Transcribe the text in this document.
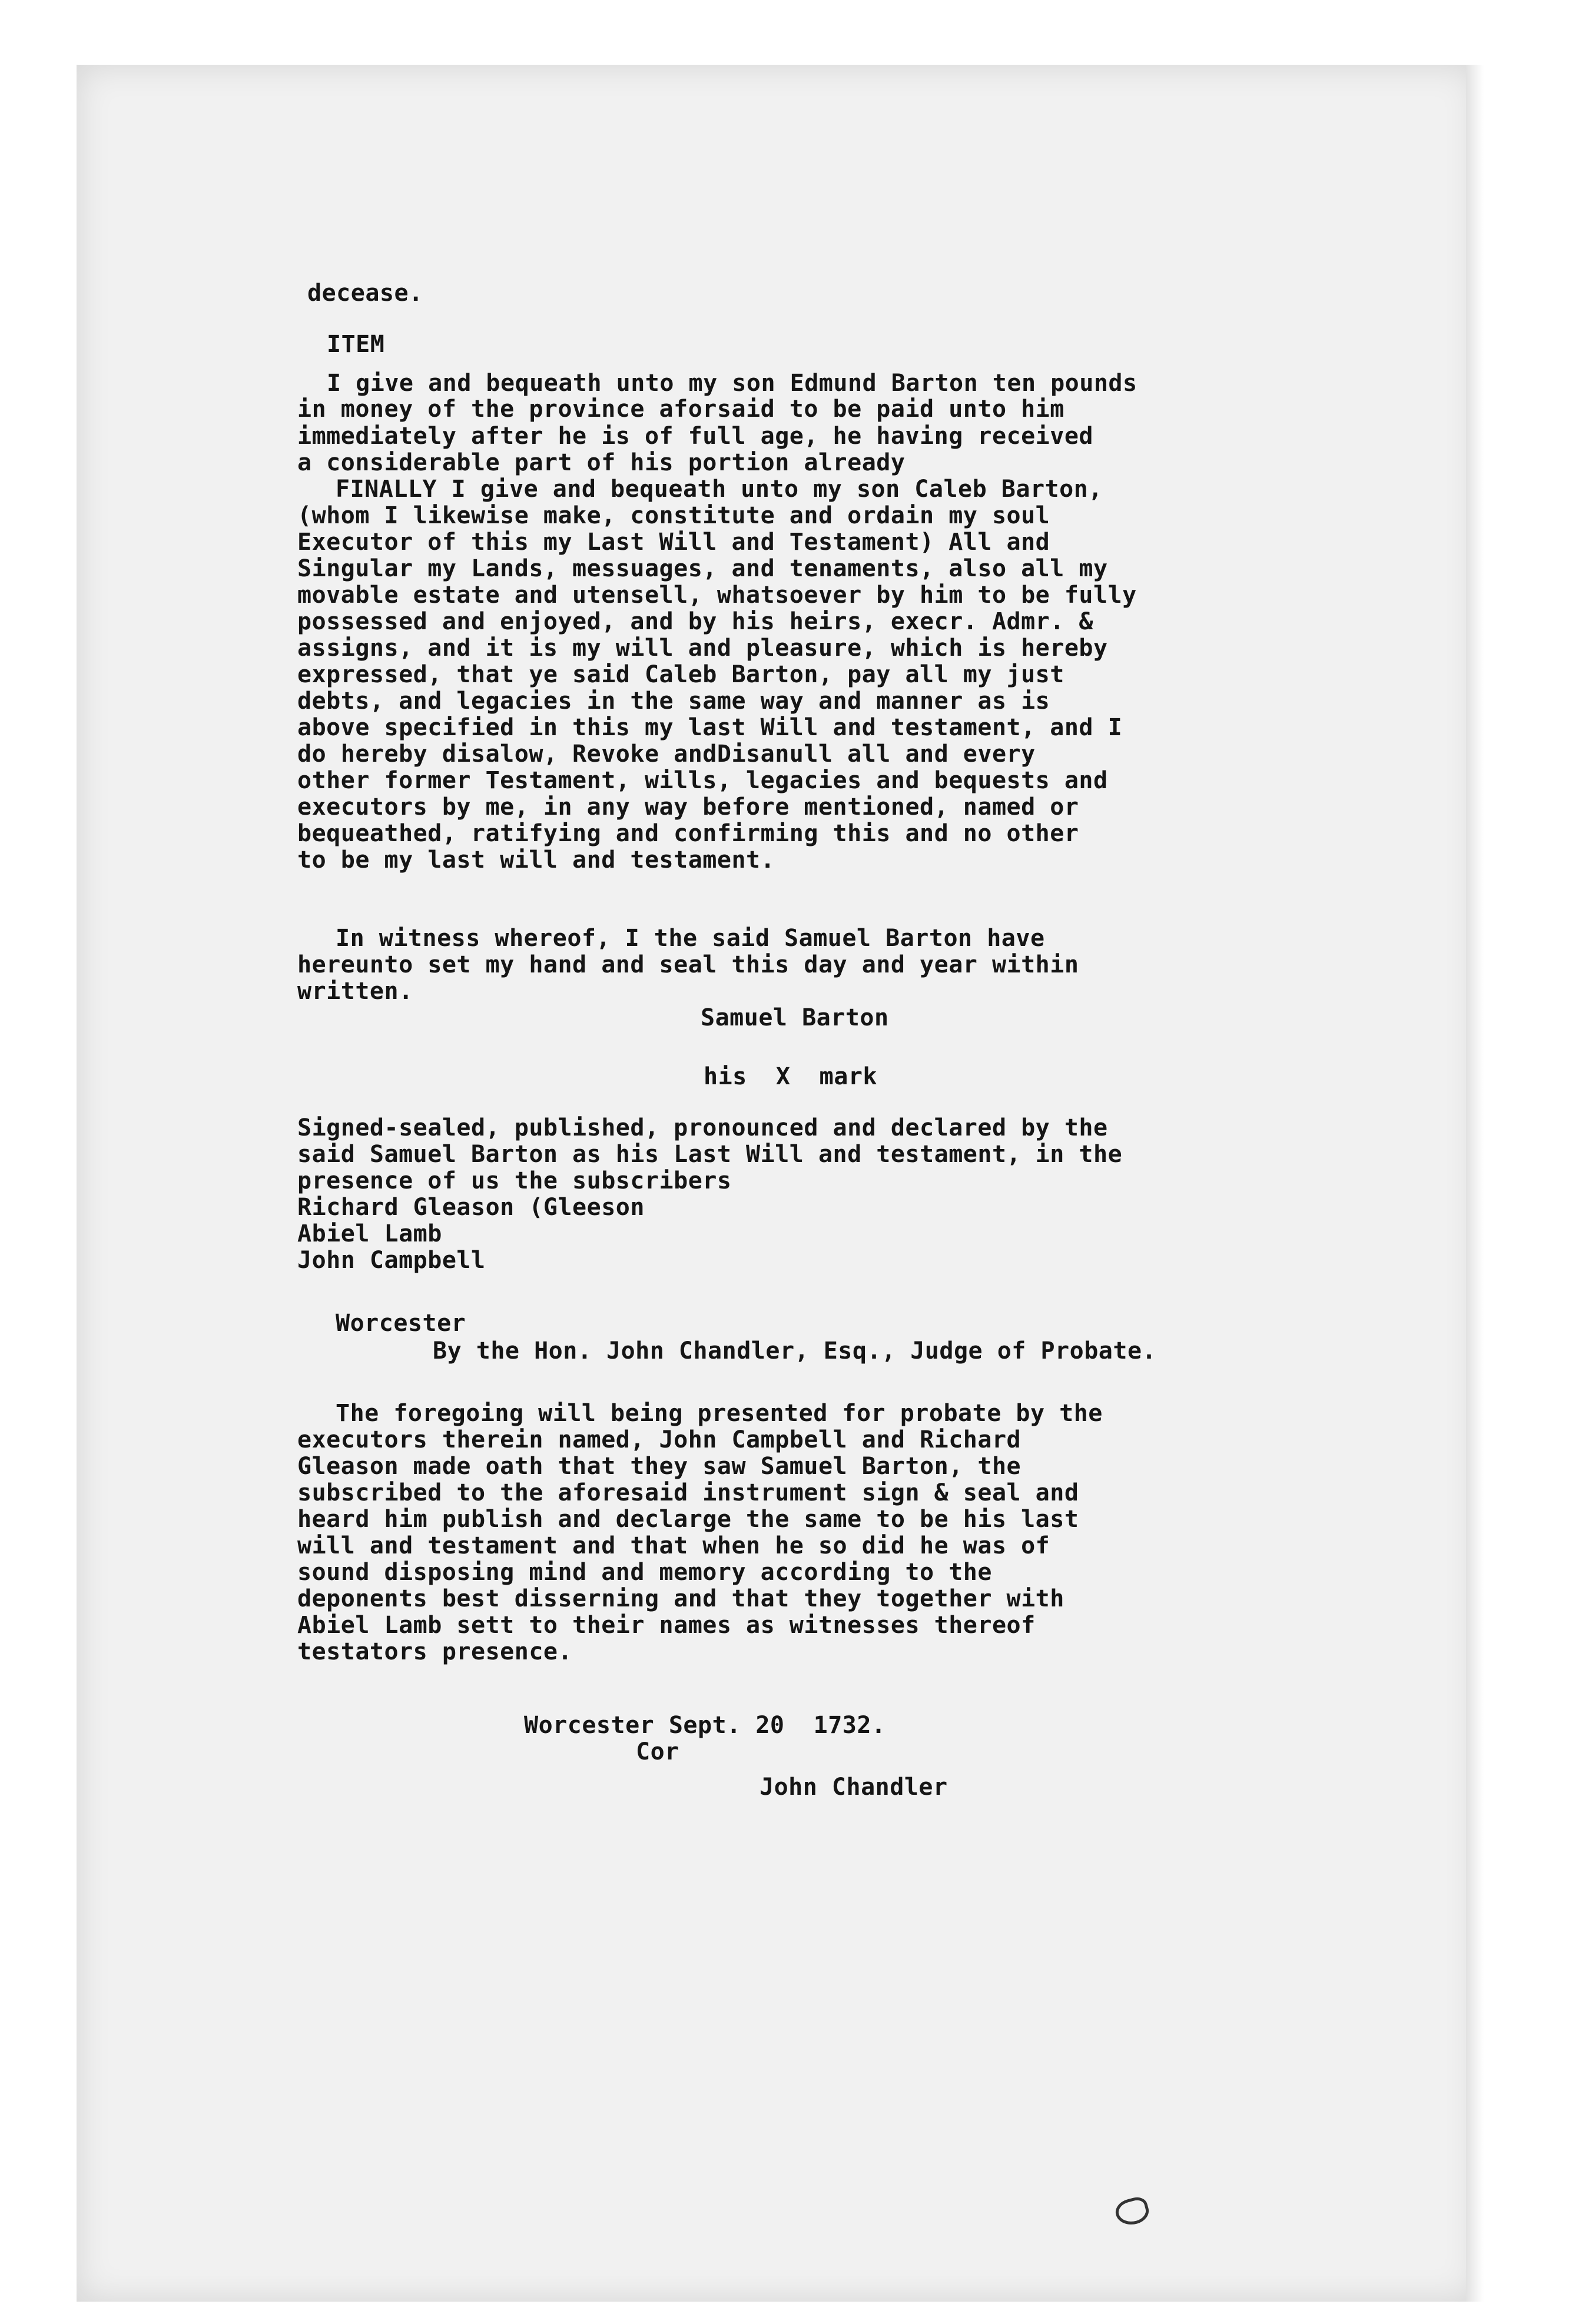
decease.
ITEM
I give and bequeath unto my son Edmund Barton ten pounds
in money of the province aforsaid to be paid unto him
immediately after he is of full age, he having received
a considerable part of his portion already
FINALLY I give and bequeath unto my son Caleb Barton,
(whom I likewise make, constitute and ordain my soul
Executor of this my Last Will and Testament) All and
Singular my Lands, messuages, and tenaments, also all my
movable estate and utensell, whatsoever by him to be fully
possessed and enjoyed, and by his heirs, execr. Admr. &
assigns, and it is my will and pleasure, which is hereby
expressed, that ye said Caleb Barton, pay all my just
debts, and legacies in the same way and manner as is
above specified in this my last Will and testament, and I
do hereby disalow, Revoke andDisanull all and every
other former Testament, wills, legacies and bequests and
executors by me, in any way before mentioned, named or
bequeathed, ratifying and confirming this and no other
to be my last will and testament.
In witness whereof, I the said Samuel Barton have
hereunto set my hand and seal this day and year within
written.
Samuel Barton
his  X  mark
Signed-sealed, published, pronounced and declared by the
said Samuel Barton as his Last Will and testament, in the
presence of us the subscribers
Richard Gleason (Gleeson
Abiel Lamb
John Campbell
Worcester
By the Hon. John Chandler, Esq., Judge of Probate.
The foregoing will being presented for probate by the
executors therein named, John Campbell and Richard
Gleason made oath that they saw Samuel Barton, the
subscribed to the aforesaid instrument sign & seal and
heard him publish and declarge the same to be his last
will and testament and that when he so did he was of
sound disposing mind and memory according to the
deponents best disserning and that they together with
Abiel Lamb sett to their names as witnesses thereof
testators presence.
Worcester Sept. 20  1732.
Cor
John Chandler
